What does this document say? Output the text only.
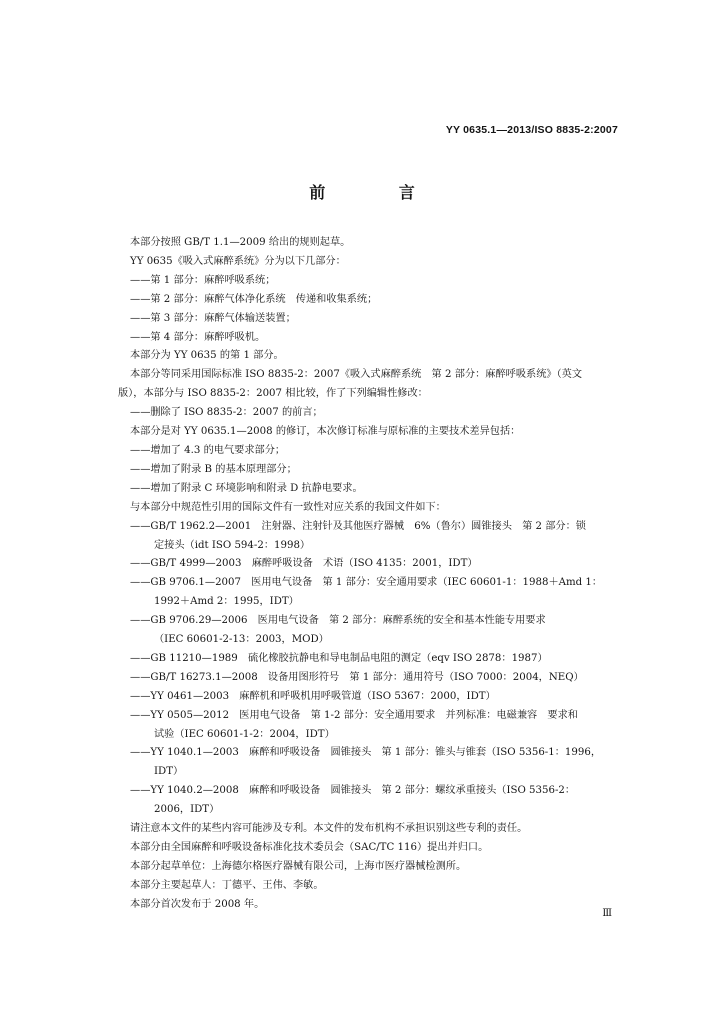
YY 0635.1—2013/ISO 8835-2:2007
前 言
本部分按照 GB/T 1.1—2009 给出的规则起草。
YY 0635《吸入式麻醉系统》分为以下几部分：
——第 1 部分：麻醉呼吸系统；
——第 2 部分：麻醉气体净化系统　传递和收集系统；
——第 3 部分：麻醉气体输送装置；
——第 4 部分：麻醉呼吸机。
本部分为 YY 0635 的第 1 部分。
本部分等同采用国际标准 ISO 8835-2：2007《吸入式麻醉系统　第 2 部分：麻醉呼吸系统》（英文
版），本部分与 ISO 8835-2：2007 相比较，作了下列编辑性修改：
——删除了 ISO 8835-2：2007 的前言；
本部分是对 YY 0635.1—2008 的修订，本次修订标准与原标准的主要技术差异包括：
——增加了 4.3 的电气要求部分；
——增加了附录 B 的基本原理部分；
——增加了附录 C 环境影响和附录 D 抗静电要求。
与本部分中规范性引用的国际文件有一致性对应关系的我国文件如下：
——GB/T 1962.2—2001　注射器、注射针及其他医疗器械　6%（鲁尔）圆锥接头　第 2 部分：锁
定接头（idt ISO 594-2：1998）
——GB/T 4999—2003　麻醉呼吸设备　术语（ISO 4135：2001，IDT）
——GB 9706.1—2007　医用电气设备　第 1 部分：安全通用要求（IEC 60601-1：1988＋Amd 1：
1992＋Amd 2：1995，IDT）
——GB 9706.29—2006　医用电气设备　第 2 部分：麻醉系统的安全和基本性能专用要求
（IEC 60601-2-13：2003，MOD）
——GB 11210—1989　硫化橡胶抗静电和导电制品电阻的测定（eqv ISO 2878：1987）
——GB/T 16273.1—2008　设备用图形符号　第 1 部分：通用符号（ISO 7000：2004，NEQ）
——YY 0461—2003　麻醉机和呼吸机用呼吸管道（ISO 5367：2000，IDT）
——YY 0505—2012　医用电气设备　第 1-2 部分：安全通用要求　并列标准：电磁兼容　要求和
试验（IEC 60601-1-2：2004，IDT）
——YY 1040.1—2003　麻醉和呼吸设备　圆锥接头　第 1 部分：锥头与锥套（ISO 5356-1：1996，
IDT）
——YY 1040.2—2008　麻醉和呼吸设备　圆锥接头　第 2 部分：螺纹承重接头（ISO 5356-2：
2006，IDT）
请注意本文件的某些内容可能涉及专利。本文件的发布机构不承担识别这些专利的责任。
本部分由全国麻醉和呼吸设备标准化技术委员会（SAC/TC 116）提出并归口。
本部分起草单位：上海德尔格医疗器械有限公司，上海市医疗器械检测所。
本部分主要起草人：丁德平、王伟、李敏。
本部分首次发布于 2008 年。
Ⅲ
